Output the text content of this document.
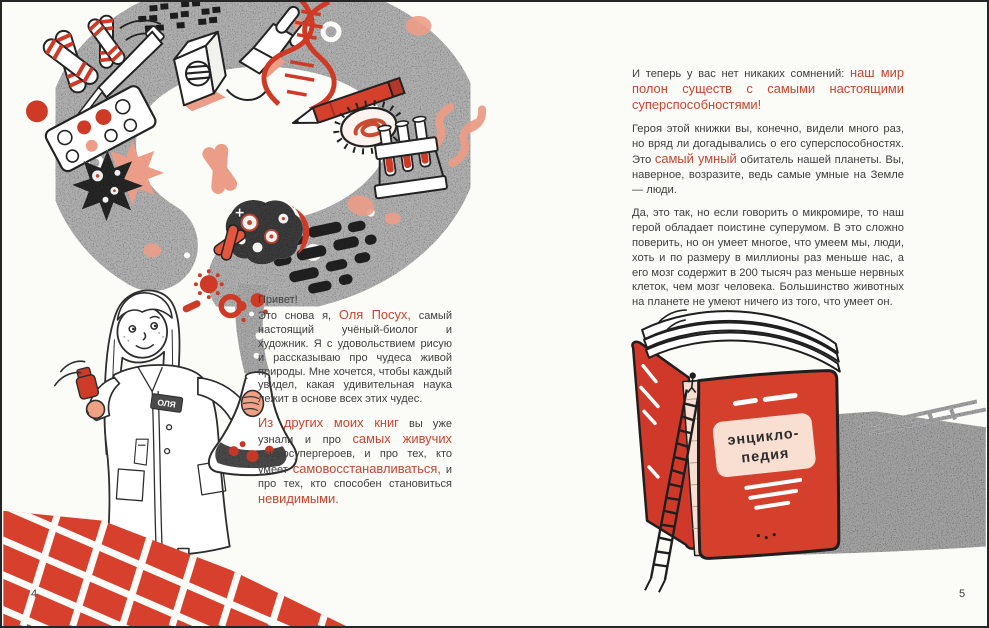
ОЛЯ
энцикло-
педия

Привет!
Это снова я, Оля Посух, самый настоящий учёный-биолог и художник. Я с удовольствием рисую и рассказываю про чудеса живой природы. Мне хочется, чтобы каждый увидел, какая удивительная наука лежит в основе всех этих чудес.

Из других моих книг вы уже узнали и про самых живучих микросупергероев, и про тех, кто умеет самовосстанавливаться, и про тех, кто способен становиться невидимыми.

И теперь у вас нет никаких сомнений: наш мир полон существ с самыми настоящими суперспособностями!

Героя этой книжки вы, конечно, видели много раз, но вряд ли догадывались о его суперспособностях. Это самый умный обитатель нашей планеты. Вы, наверное, возразите, ведь самые умные на Земле — люди.

Да, это так, но если говорить о микромире, то наш герой обладает поистине суперумом. В это сложно поверить, но он умеет многое, что умеем мы, люди, хоть и по размеру в миллионы раз меньше нас, а его мозг содержит в 200 тысяч раз меньше нервных клеток, чем мозг человека. Большинство животных на планете не умеют ничего из того, что умеет он.

4	5
